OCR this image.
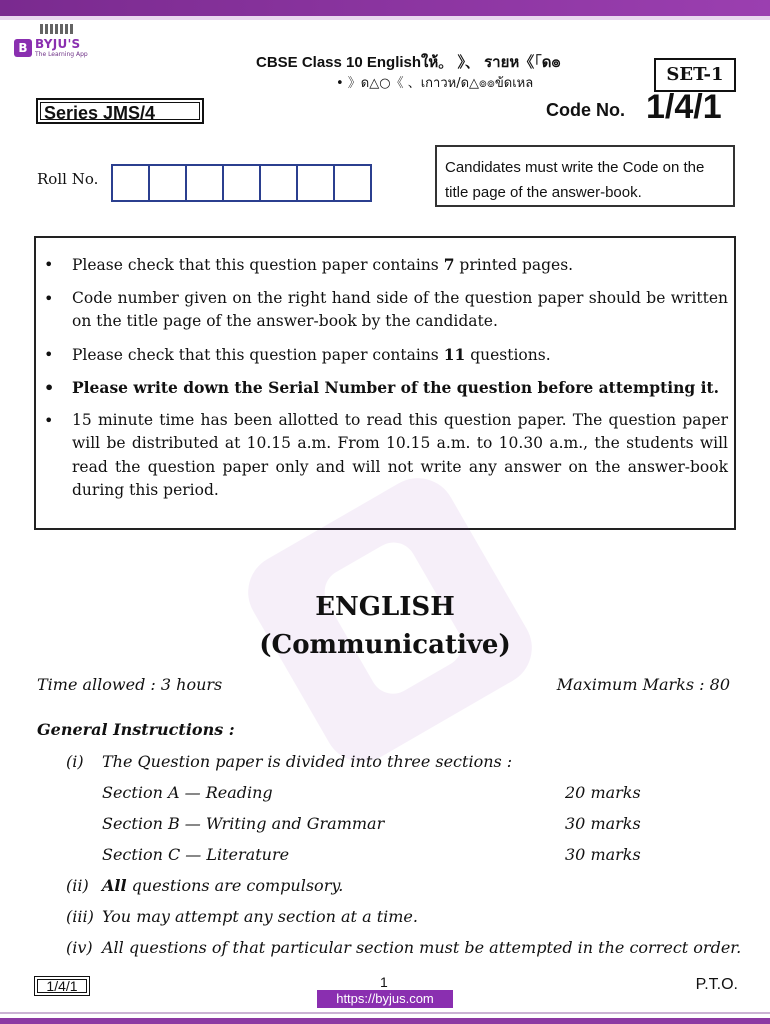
B BYJU'S
The Learning App	CBSE Class 10 Englishให้。 》、 รายห《「ด๏
• 》ด△○《 、เกาวห/ด△๏๏ข้ดเหล	SET-1
Series JMS/4	Code No. 1/4/1
Roll No.
Candidates must write the Code on the title page of the answer-book.
• Please check that this question paper contains 7 printed pages.
• Code number given on the right hand side of the question paper should be written on the title page of the answer-book by the candidate.
• Please check that this question paper contains 11 questions.
• Please write down the Serial Number of the question before attempting it.
• 15 minute time has been allotted to read this question paper. The question paper will be distributed at 10.15 a.m. From 10.15 a.m. to 10.30 a.m., the students will read the question paper only and will not write any answer on the answer-book during this period.
ENGLISH
(Communicative)
Time allowed : 3 hours	Maximum Marks : 80
General Instructions :
(i) The Question paper is divided into three sections :
Section A — Reading	20 marks
Section B — Writing and Grammar	30 marks
Section C — Literature	30 marks
(ii) All questions are compulsory.
(iii) You may attempt any section at a time.
(iv) All questions of that particular section must be attempted in the correct order.
1/4/1	1	P.T.O.
https://byjus.com
